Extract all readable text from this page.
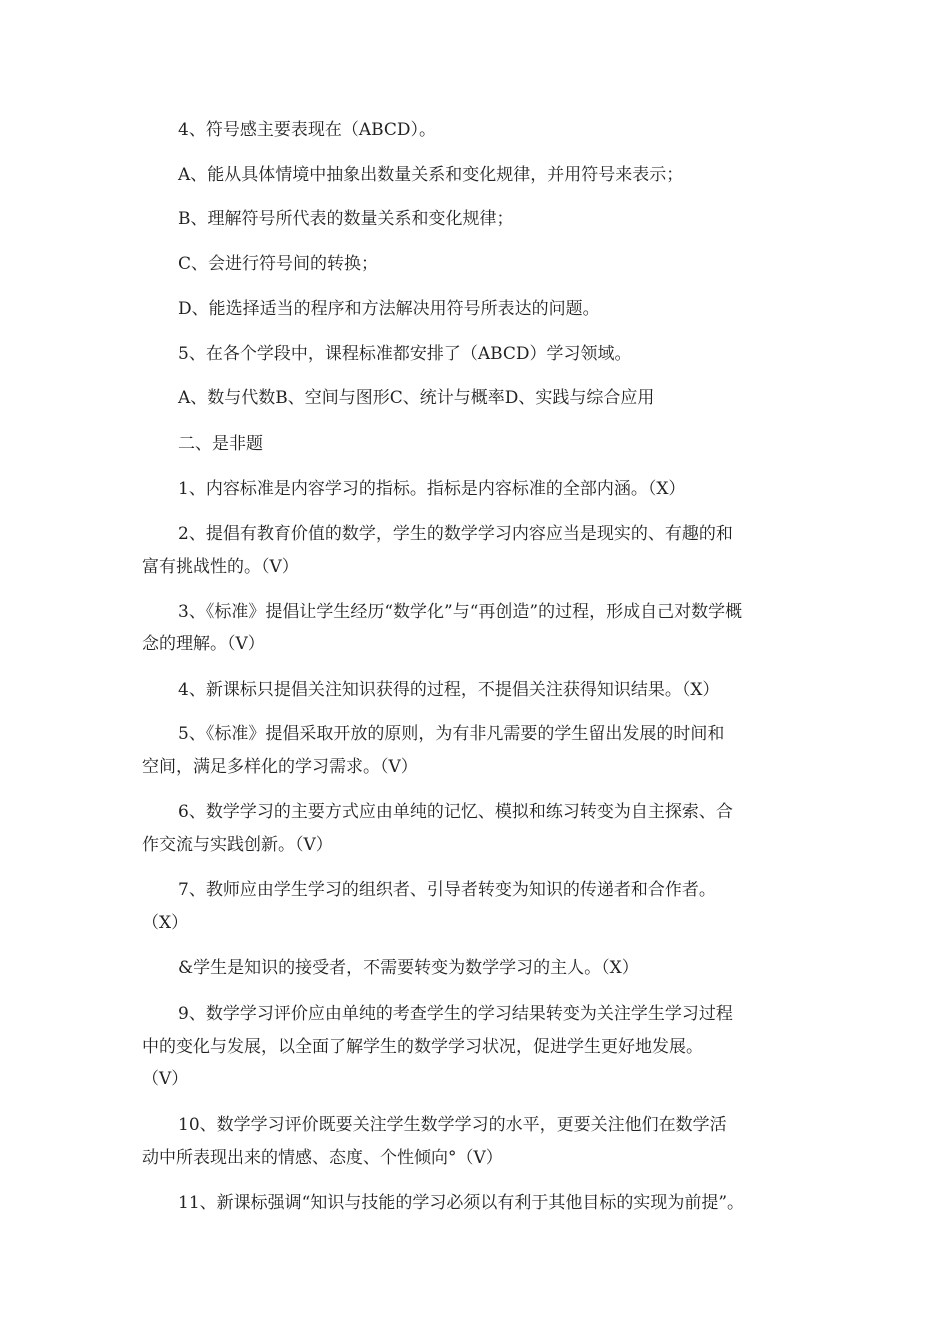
4、符号感主要表现在（ABCD）。
A、能从具体情境中抽象出数量关系和变化规律，并用符号来表示；
B、理解符号所代表的数量关系和变化规律；
C、会进行符号间的转换；
D、能选择适当的程序和方法解决用符号所表达的问题。
5、在各个学段中，课程标准都安排了（ABCD）学习领域。
A、数与代数B、空间与图形C、统计与概率D、实践与综合应用
二、是非题
1、内容标准是内容学习的指标。指标是内容标准的全部内涵。（X）
2、提倡有教育价值的数学，学生的数学学习内容应当是现实的、有趣的和
富有挑战性的。（V）
3、《标准》提倡让学生经历“数学化”与“再创造”的过程，形成自己对数学概
念的理解。（V）
4、新课标只提倡关注知识获得的过程，不提倡关注获得知识结果。（X）
5、《标准》提倡采取开放的原则，为有非凡需要的学生留出发展的时间和
空间，满足多样化的学习需求。（V）
6、数学学习的主要方式应由单纯的记忆、模拟和练习转变为自主探索、合
作交流与实践创新。（V）
7、教师应由学生学习的组织者、引导者转变为知识的传递者和合作者。
（X）
&学生是知识的接受者，不需要转变为数学学习的主人。（X）
9、数学学习评价应由单纯的考查学生的学习结果转变为关注学生学习过程
中的变化与发展，以全面了解学生的数学学习状况，促进学生更好地发展。
（V）
10、数学学习评价既要关注学生数学学习的水平，更要关注他们在数学活
动中所表现出来的情感、态度、个性倾向°（V）
11、新课标强调“知识与技能的学习必须以有利于其他目标的实现为前提”。
